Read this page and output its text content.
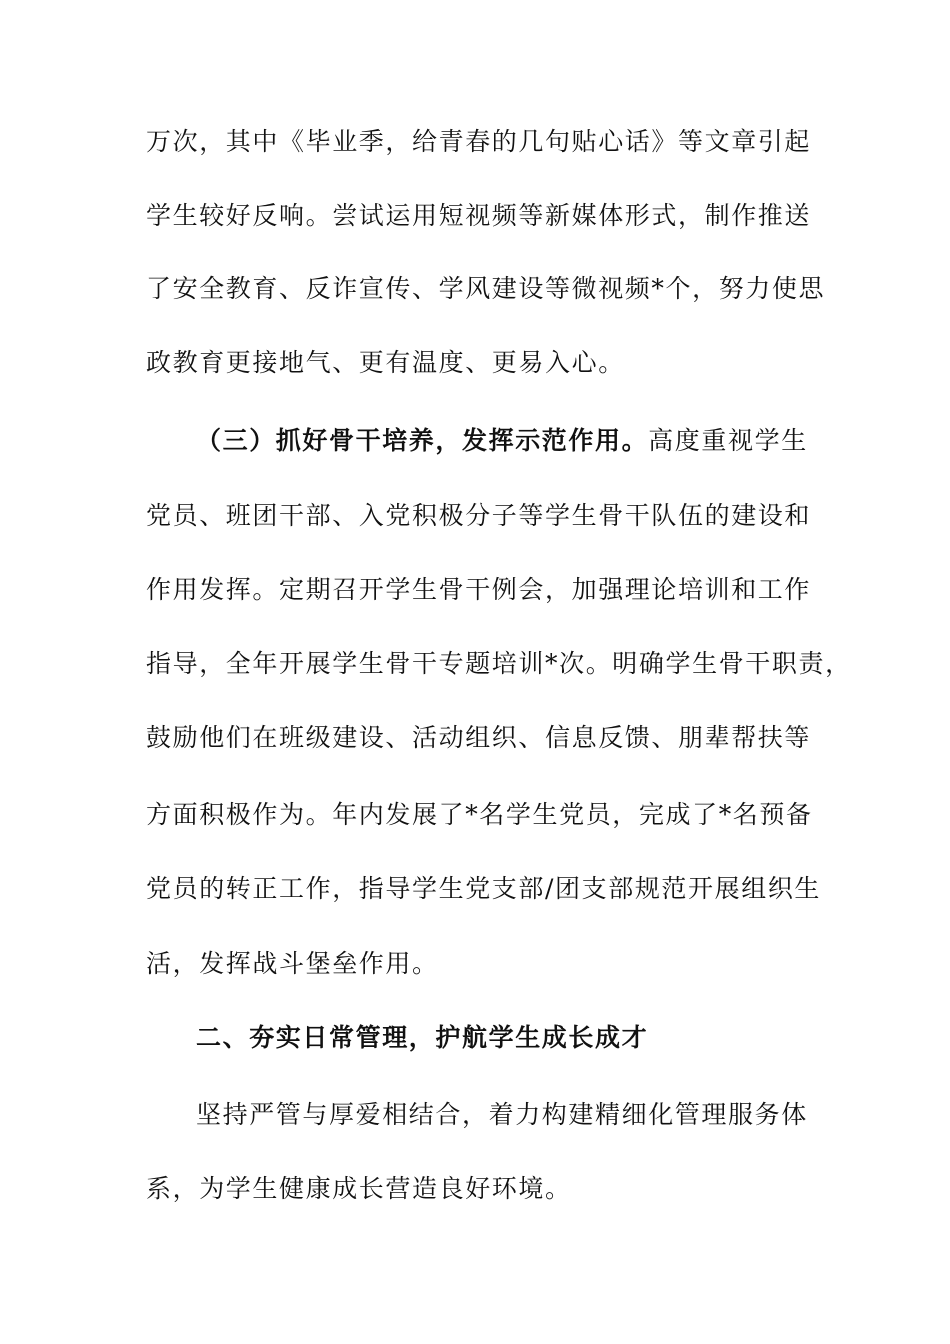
万次，其中《毕业季，给青春的几句贴心话》等文章引起
学生较好反响。尝试运用短视频等新媒体形式，制作推送
了安全教育、反诈宣传、学风建设等微视频*个，努力使思
政教育更接地气、更有温度、更易入心。
（三）抓好骨干培养，发挥示范作用。高度重视学生
党员、班团干部、入党积极分子等学生骨干队伍的建设和
作用发挥。定期召开学生骨干例会，加强理论培训和工作
指导，全年开展学生骨干专题培训*次。明确学生骨干职责，
鼓励他们在班级建设、活动组织、信息反馈、朋辈帮扶等
方面积极作为。年内发展了*名学生党员，完成了*名预备
党员的转正工作，指导学生党支部/团支部规范开展组织生
活，发挥战斗堡垒作用。
二、夯实日常管理，护航学生成长成才
坚持严管与厚爱相结合，着力构建精细化管理服务体
系，为学生健康成长营造良好环境。
